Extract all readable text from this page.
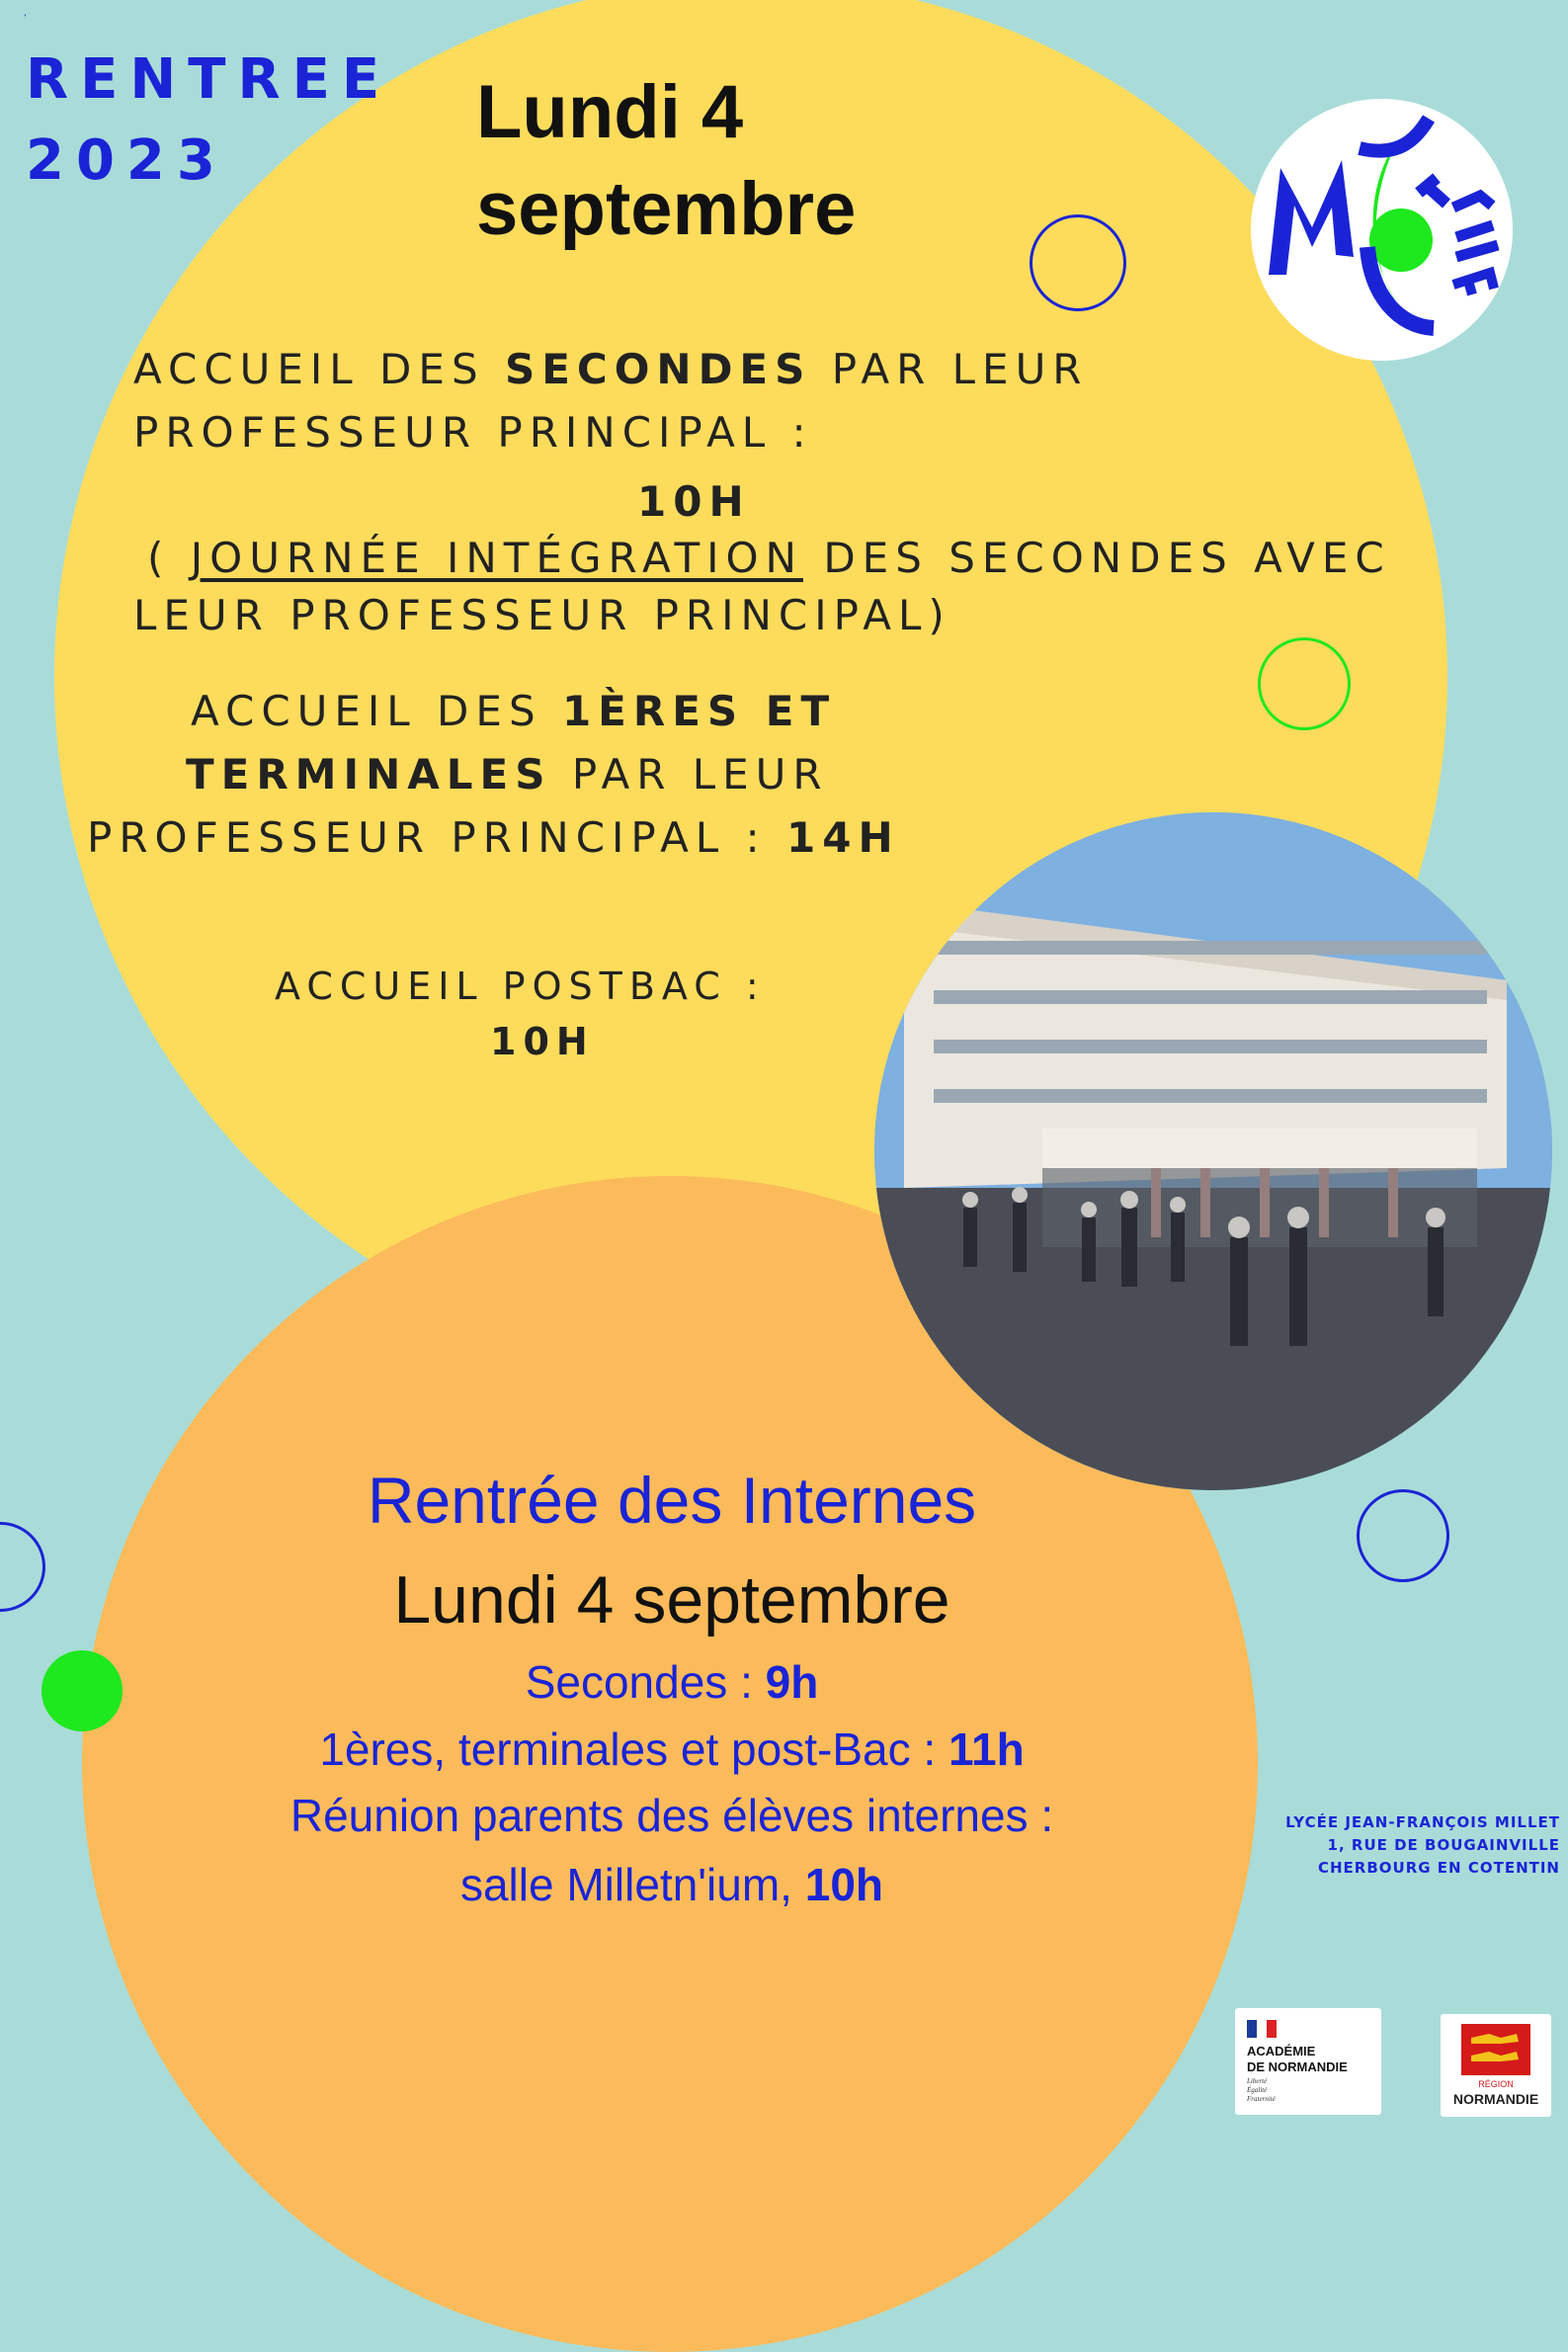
ʼ
RENTREE
2023
Lundi 4
septembre
ACCUEIL DES SECONDES PAR LEUR
PROFESSEUR PRINCIPAL :
10H
( JOURNÉE INTÉGRATION DES SECONDES AVEC
LEUR PROFESSEUR PRINCIPAL)
ACCUEIL DES 1ÈRES ET
TERMINALES PAR LEUR
PROFESSEUR PRINCIPAL : 14H
ACCUEIL POSTBAC :
10H
Rentrée des Internes
Lundi 4 septembre
Secondes : 9h
1ères, terminales et post-Bac : 11h
Réunion parents des élèves internes :
salle Milletn'ium, 10h
LYCÉE JEAN-FRANÇOIS MILLET
1, RUE DE BOUGAINVILLE
CHERBOURG EN COTENTIN
ACADÉMIE
DE NORMANDIE
Liberté
Égalité
Fraternité
RÉGION
NORMANDIE
